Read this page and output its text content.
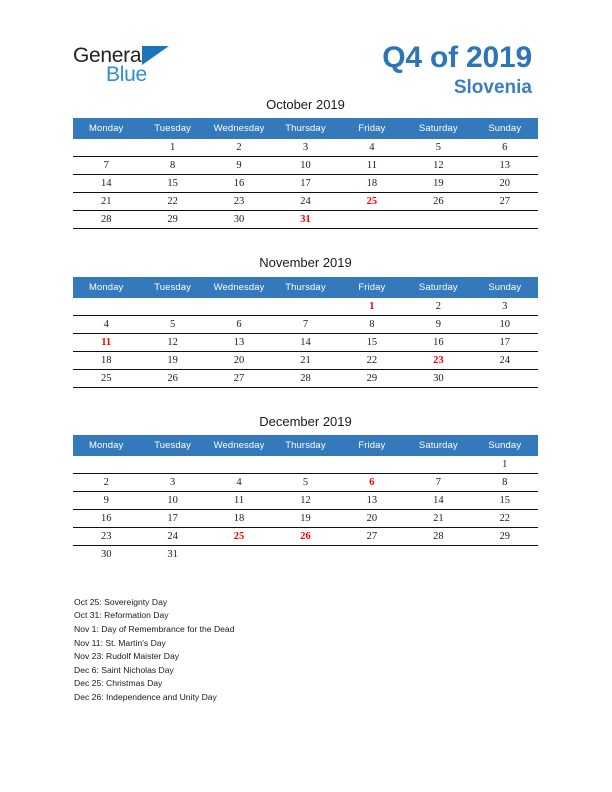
General
Blue
Q4 of 2019
Slovenia
October 2019
Monday	Tuesday	Wednesday	Thursday	Friday	Saturday	Sunday
	1	2	3	4	5	6
7	8	9	10	11	12	13
14	15	16	17	18	19	20
21	22	23	24	25	26	27
28	29	30	31			
November 2019
Monday	Tuesday	Wednesday	Thursday	Friday	Saturday	Sunday
				1	2	3
4	5	6	7	8	9	10
11	12	13	14	15	16	17
18	19	20	21	22	23	24
25	26	27	28	29	30	
December 2019
Monday	Tuesday	Wednesday	Thursday	Friday	Saturday	Sunday
						1
2	3	4	5	6	7	8
9	10	11	12	13	14	15
16	17	18	19	20	21	22
23	24	25	26	27	28	29
30	31					
Oct 25: Sovereignty Day
Oct 31: Reformation Day
Nov 1: Day of Remembrance for the Dead
Nov 11: St. Martin’s Day
Nov 23: Rudolf Maister Day
Dec 6: Saint Nicholas Day
Dec 25: Christmas Day
Dec 26: Independence and Unity Day
